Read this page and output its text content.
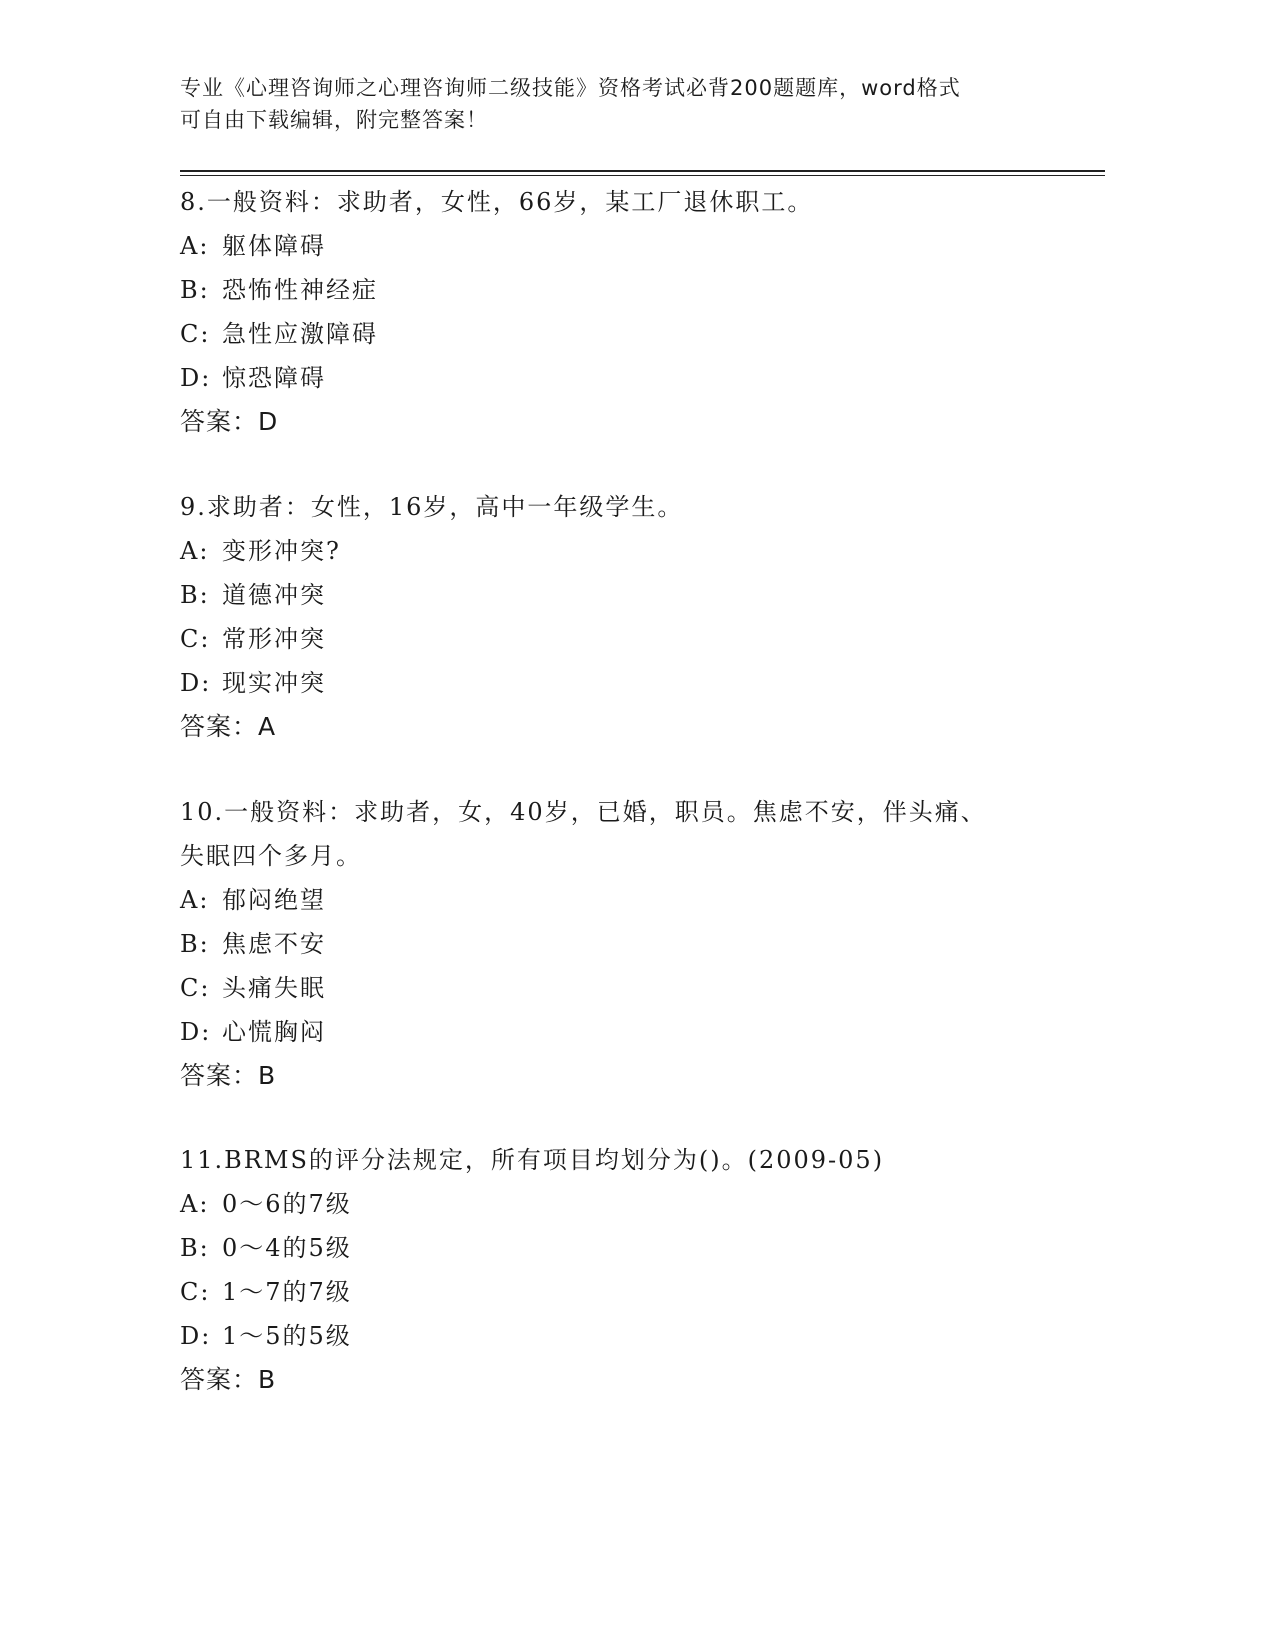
专业《心理咨询师之心理咨询师二级技能》资格考试必背200题题库，word格式
可自由下载编辑，附完整答案！
8.一般资料：求助者，女性，66岁，某工厂退休职工。
A: 躯体障碍
B: 恐怖性神经症
C: 急性应激障碍
D: 惊恐障碍
答案：D
9.求助者：女性，16岁，高中一年级学生。
A: 变形冲突?
B: 道德冲突
C: 常形冲突
D: 现实冲突
答案：A
10.一般资料：求助者，女，40岁，已婚，职员。焦虑不安，伴头痛、
失眠四个多月。
A: 郁闷绝望
B: 焦虑不安
C: 头痛失眠
D: 心慌胸闷
答案：B
11.BRMS的评分法规定，所有项目均划分为()。(2009-05)
A: 0～6的7级
B: 0～4的5级
C: 1～7的7级
D: 1～5的5级
答案：B
